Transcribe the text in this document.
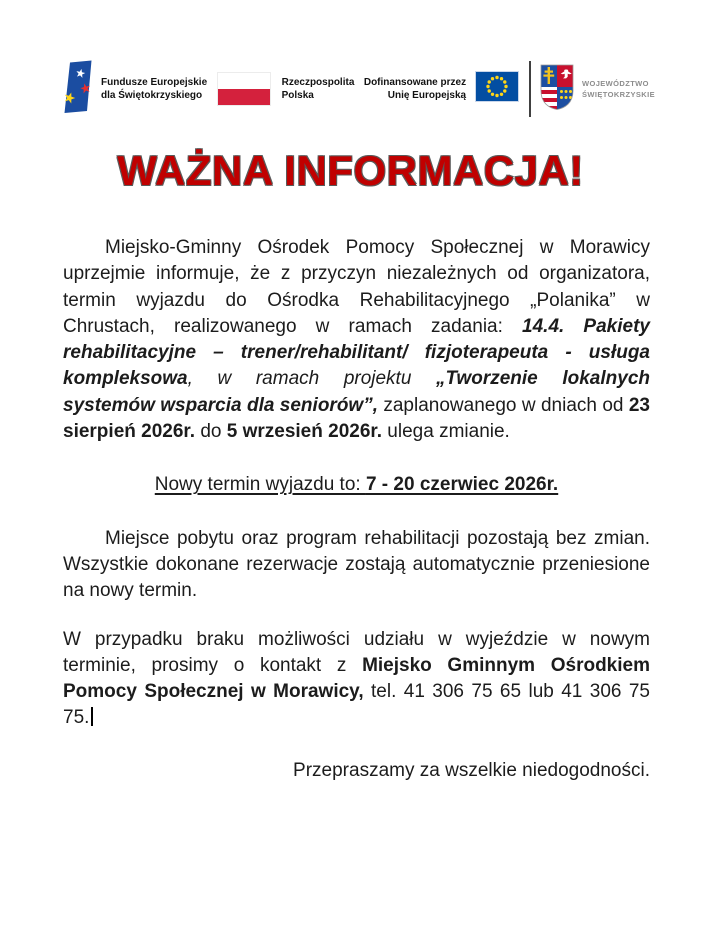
Fundusze Europejskie
dla Świętokrzyskiego
Rzeczpospolita
Polska
Dofinansowane przez
Unię Europejską
WOJEWÓDZTWO
ŚWIĘTOKRZYSKIE
WAŻNA INFORMACJA!

Miejsko-Gminny Ośrodek Pomocy Społecznej w Morawicy uprzejmie informuje, że z przyczyn niezależnych od organizatora, termin wyjazdu do Ośrodka Rehabilitacyjnego „Polanika” w Chrustach, realizowanego w ramach zadania: 14.4. Pakiety rehabilitacyjne – trener/rehabilitant/ fizjoterapeuta - usługa kompleksowa, w ramach projektu „Tworzenie lokalnych systemów wsparcia dla seniorów”, zaplanowanego w dniach od 23 sierpień 2026r. do 5 wrzesień 2026r. ulega zmianie.

Nowy termin wyjazdu to: 7 - 20 czerwiec 2026r.

Miejsce pobytu oraz program rehabilitacji pozostają bez zmian. Wszystkie dokonane rezerwacje zostają automatycznie przeniesione na nowy termin.

W przypadku braku możliwości udziału w wyjeździe w nowym terminie, prosimy o kontakt z Miejsko Gminnym Ośrodkiem Pomocy Społecznej w Morawicy, tel. 41 306 75 65 lub 41 306 75 75.

Przepraszamy za wszelkie niedogodności.
